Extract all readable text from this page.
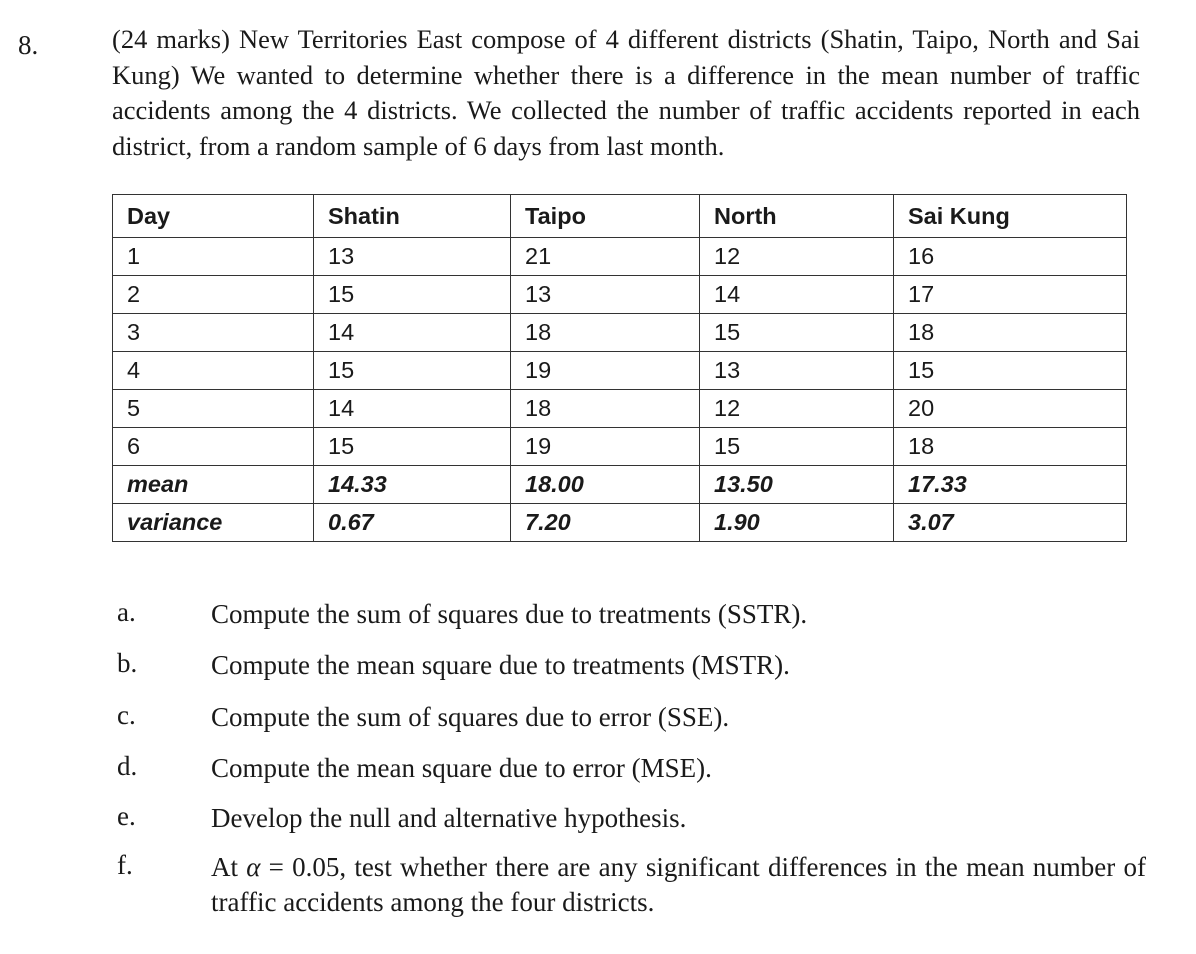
8.	(24 marks) New Territories East compose of 4 different districts (Shatin, Taipo, North and Sai Kung) We wanted to determine whether there is a difference in the mean number of traffic accidents among the 4 districts. We collected the number of traffic accidents reported in each district, from a random sample of 6 days from last month.
Day	Shatin	Taipo	North	Sai Kung
1	13	21	12	16
2	15	13	14	17
3	14	18	15	18
4	15	19	13	15
5	14	18	12	20
6	15	19	15	18
mean	14.33	18.00	13.50	17.33
variance	0.67	7.20	1.90	3.07
a.	Compute the sum of squares due to treatments (SSTR).
b.	Compute the mean square due to treatments (MSTR).
c.	Compute the sum of squares due to error (SSE).
d.	Compute the mean square due to error (MSE).
e.	Develop the null and alternative hypothesis.
f.	At α = 0.05, test whether there are any significant differences in the mean number of traffic accidents among the four districts.
